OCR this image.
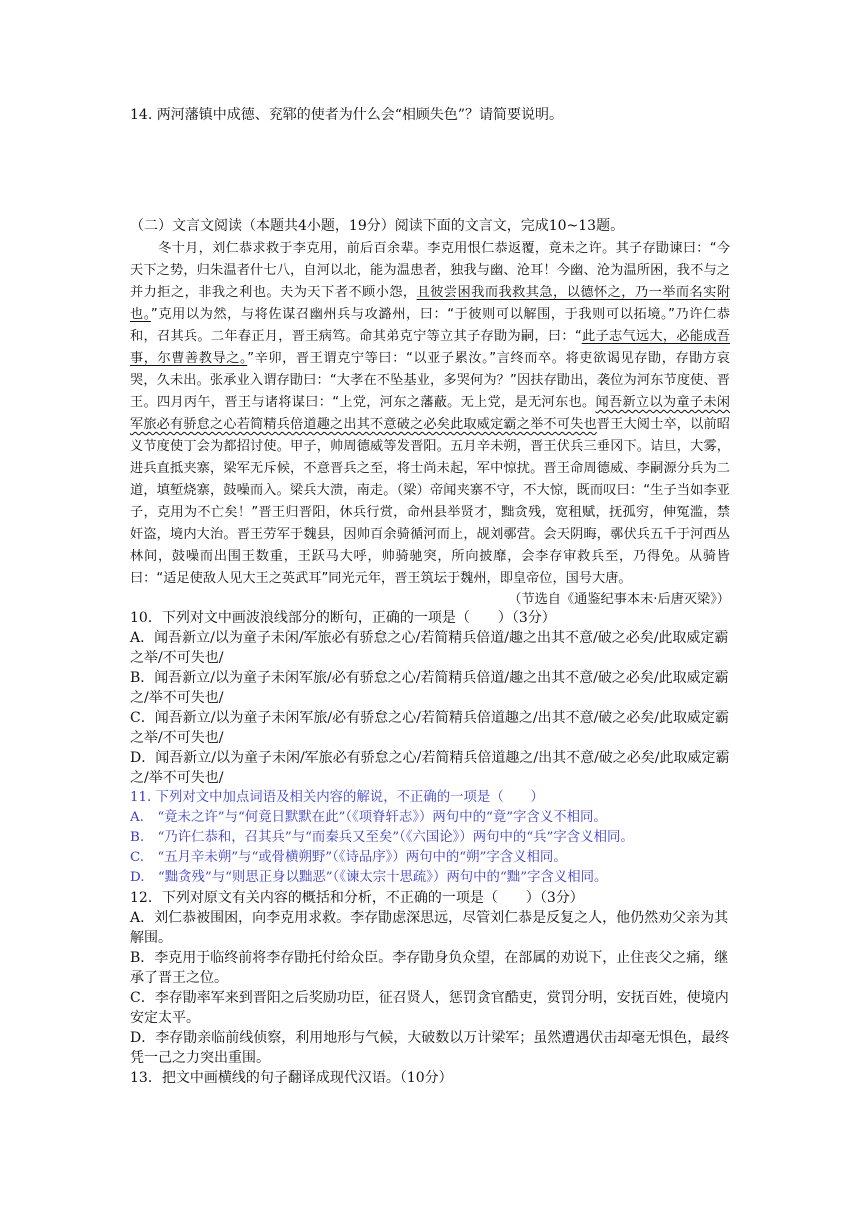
14. 两河藩镇中成德、兖郓的使者为什么会“相顾失色”？请简要说明。
（二）文言文阅读（本题共4小题，19分）阅读下面的文言文，完成10~13题。
冬十月，刘仁恭求救于李克用，前后百余辈。李克用恨仁恭返覆，竟未之许。其子存勖谏曰：“今天下之势，归朱温者什七八，自河以北，能为温患者，独我与幽、沧耳！今幽、沧为温所困，我不与之并力拒之，非我之利也。夫为天下者不顾小怨，且彼尝困我而我救其急，以德怀之，乃一举而名实附也。”克用以为然，与将佐谋召幽州兵与攻潞州，曰：“于彼则可以解围，于我则可以拓境。”乃许仁恭和，召其兵。二年春正月，晋王病笃。命其弟克宁等立其子存勖为嗣，曰：“此子志气远大，必能成吾事，尔曹善教导之。”辛卯，晋王谓克宁等曰：“以亚子累汝。”言终而卒。将吏欲谒见存勖，存勖方哀哭，久未出。张承业入谓存勖曰：“大孝在不坠基业，多哭何为？”因扶存勖出，袭位为河东节度使、晋王。四月丙午，晋王与诸将谋曰：“上党，河东之藩蔽。无上党，是无河东也。闻吾新立以为童子未闲军旅必有骄怠之心若简精兵倍道趣之出其不意破之必矣此取威定霸之举不可失也晋王大阅士卒，以前昭义节度使丁会为都招讨使。甲子，帅周德威等发晋阳。五月辛未朔，晋王伏兵三垂冈下。诘旦，大雾，进兵直抵夹寨，梁军无斥候，不意晋兵之至，将士尚未起，军中惊扰。晋王命周德威、李嗣源分兵为二道，填堑烧寨，鼓噪而入。梁兵大溃，南走。（梁）帝闻夹寨不守，不大惊，既而叹曰：“生子当如李亚子，克用为不亡矣！”晋王归晋阳，休兵行赏，命州县举贤才，黜贪残，宽租赋，抚孤穷，伸冤滥，禁奸盗，境内大治。晋王劳军于魏县，因帅百余骑循河而上，觇刘鄩营。会天阴晦，鄩伏兵五千于河西丛林间，鼓噪而出围王数重，王跃马大呼，帅骑驰突，所向披靡，会李存审救兵至，乃得免。从骑皆曰：“适足使敌人见大王之英武耳”同光元年，晋王筑坛于魏州，即皇帝位，国号大唐。
（节选自《通鉴纪事本末·后唐灭梁》）

10．下列对文中画波浪线部分的断句，正确的一项是（　　）（3分）

A．闻吾新立/以为童子未闲/军旅必有骄怠之心/若简精兵倍道/趣之出其不意/破之必矣/此取威定霸之举/不可失也/

B．闻吾新立/以为童子未闲军旅/必有骄怠之心/若简精兵倍道/趣之出其不意/破之必矣/此取威定霸之/举不可失也/

C．闻吾新立/以为童子未闲军旅/必有骄怠之心/若简精兵倍道趣之/出其不意/破之必矣/此取威定霸之举/不可失也/

D．闻吾新立/以为童子未闲/军旅必有骄怠之心/若简精兵倍道趣之/出其不意/破之必矣/此取威定霸之/举不可失也/

11. 下列对文中加点词语及相关内容的解说，不正确的一项是（　　）

A.　“竟未之许”与“何竟日默默在此”（《项脊轩志》）两句中的“竟”字含义不相同。

B.　“乃许仁恭和，召其兵”与“而秦兵又至矣”（《六国论》）两句中的“兵”字含义相同。

C.　“五月辛未朔”与“或骨横朔野”（《诗品序》）两句中的“朔”字含义相同。

D.　“黜贪残”与“则思正身以黜恶”（《谏太宗十思疏》）两句中的“黜”字含义相同。

12．下列对原文有关内容的概括和分析，不正确的一项是（　　）（3分）

A．刘仁恭被围困，向李克用求救。李存勖虑深思远，尽管刘仁恭是反复之人，他仍然劝父亲为其解围。

B．李克用于临终前将李存勖托付给众臣。李存勖身负众望，在部属的劝说下，止住丧父之痛，继承了晋王之位。

C．李存勖率军来到晋阳之后奖励功臣，征召贤人，惩罚贪官酷吏，赏罚分明，安抚百姓，使境内安定太平。

D．李存勖亲临前线侦察，利用地形与气候，大破数以万计梁军；虽然遭遇伏击却毫无惧色，最终凭一己之力突出重围。

13．把文中画横线的句子翻译成现代汉语。（10分）
